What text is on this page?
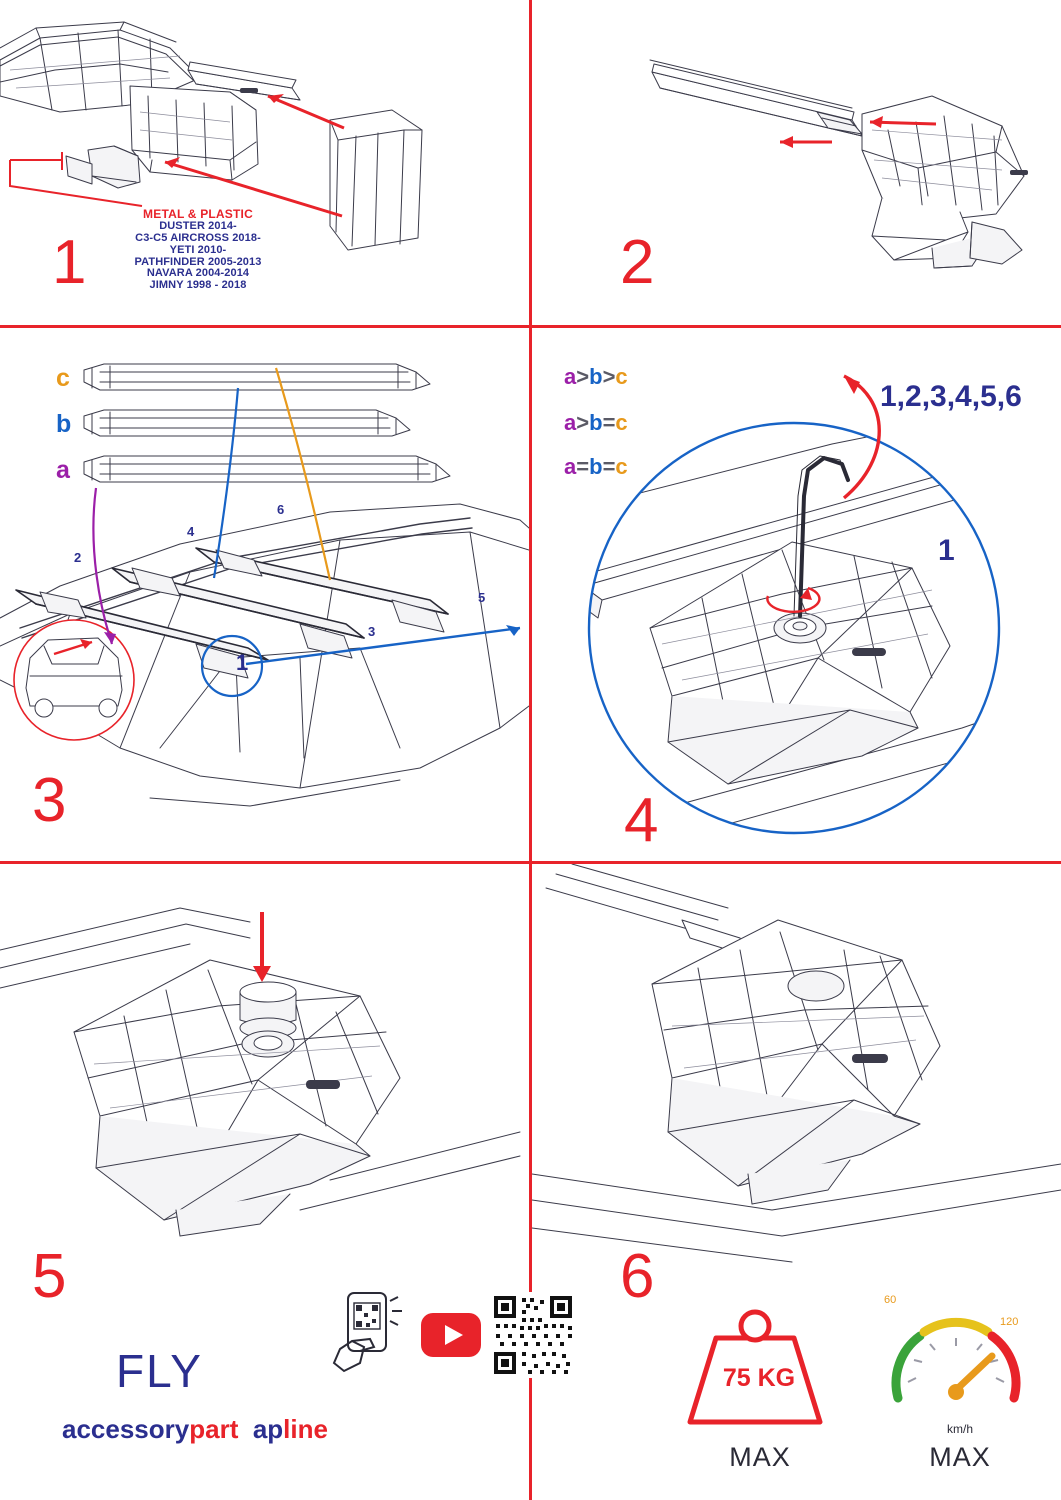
METAL & PLASTIC
DUSTER 2014-
C3-C5 AIRCROSS 2018-
YETI 2010-
PATHFINDER 2005-2013
NAVARA 2004-2014
JIMNY 1998 - 2018
1	2
c
b
a
a>b>c
a>b=c
a=b=c
2
4
6
3
5
1
3
1,2,3,4,5,6
1
4
5
FLY
accessorypart apline
6
75 KG
MAX
60
120
km/h
MAX
